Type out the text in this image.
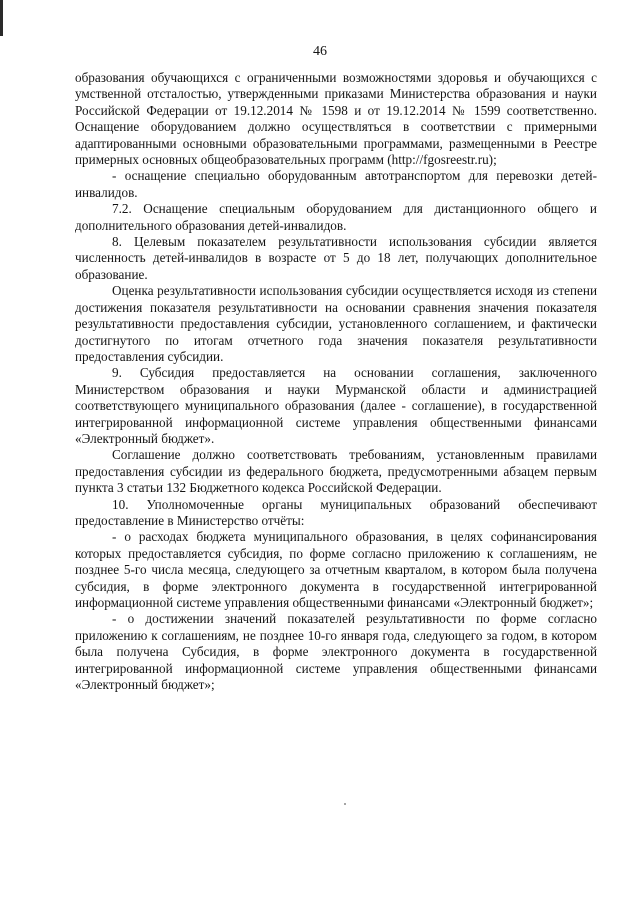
46

образования обучающихся с ограниченными возможностями здоровья и обучающихся с умственной отсталостью, утвержденными приказами Министерства образования и науки Российской Федерации от 19.12.2014 № 1598 и от 19.12.2014 № 1599 соответственно. Оснащение оборудованием должно осуществляться в соответствии с примерными адаптированными основными образовательными программами, размещенными в Реестре примерных основных общеобразовательных программ (http://fgosreestr.ru);

- оснащение специально оборудованным автотранспортом для перевозки детей-инвалидов.

7.2. Оснащение специальным оборудованием для дистанционного общего и дополнительного образования детей-инвалидов.

8. Целевым показателем результативности использования субсидии является численность детей-инвалидов в возрасте от 5 до 18 лет, получающих дополнительное образование.

Оценка результативности использования субсидии осуществляется исходя из степени достижения показателя результативности на основании сравнения значения показателя результативности предоставления субсидии, установленного соглашением, и фактически достигнутого по итогам отчетного года значения показателя результативности предоставления субсидии.

9. Субсидия предоставляется на основании соглашения, заключенного Министерством образования и науки Мурманской области и администрацией соответствующего муниципального образования (далее - соглашение), в государственной интегрированной информационной системе управления общественными финансами «Электронный бюджет».

Соглашение должно соответствовать требованиям, установленным правилами предоставления субсидии из федерального бюджета, предусмотренными абзацем первым пункта 3 статьи 132 Бюджетного кодекса Российской Федерации.

10. Уполномоченные органы муниципальных образований обеспечивают предоставление в Министерство отчёты:

- о расходах бюджета муниципального образования, в целях софинансирования которых предоставляется субсидия, по форме согласно приложению к соглашениям, не позднее 5-го числа месяца, следующего за отчетным кварталом, в котором была получена субсидия, в форме электронного документа в государственной интегрированной информационной системе управления общественными финансами «Электронный бюджет»;

- о достижении значений показателей результативности по форме согласно приложению к соглашениям, не позднее 10-го января года, следующего за годом, в котором была получена Субсидия, в форме электронного документа в государственной интегрированной информационной системе управления общественными финансами «Электронный бюджет»;
